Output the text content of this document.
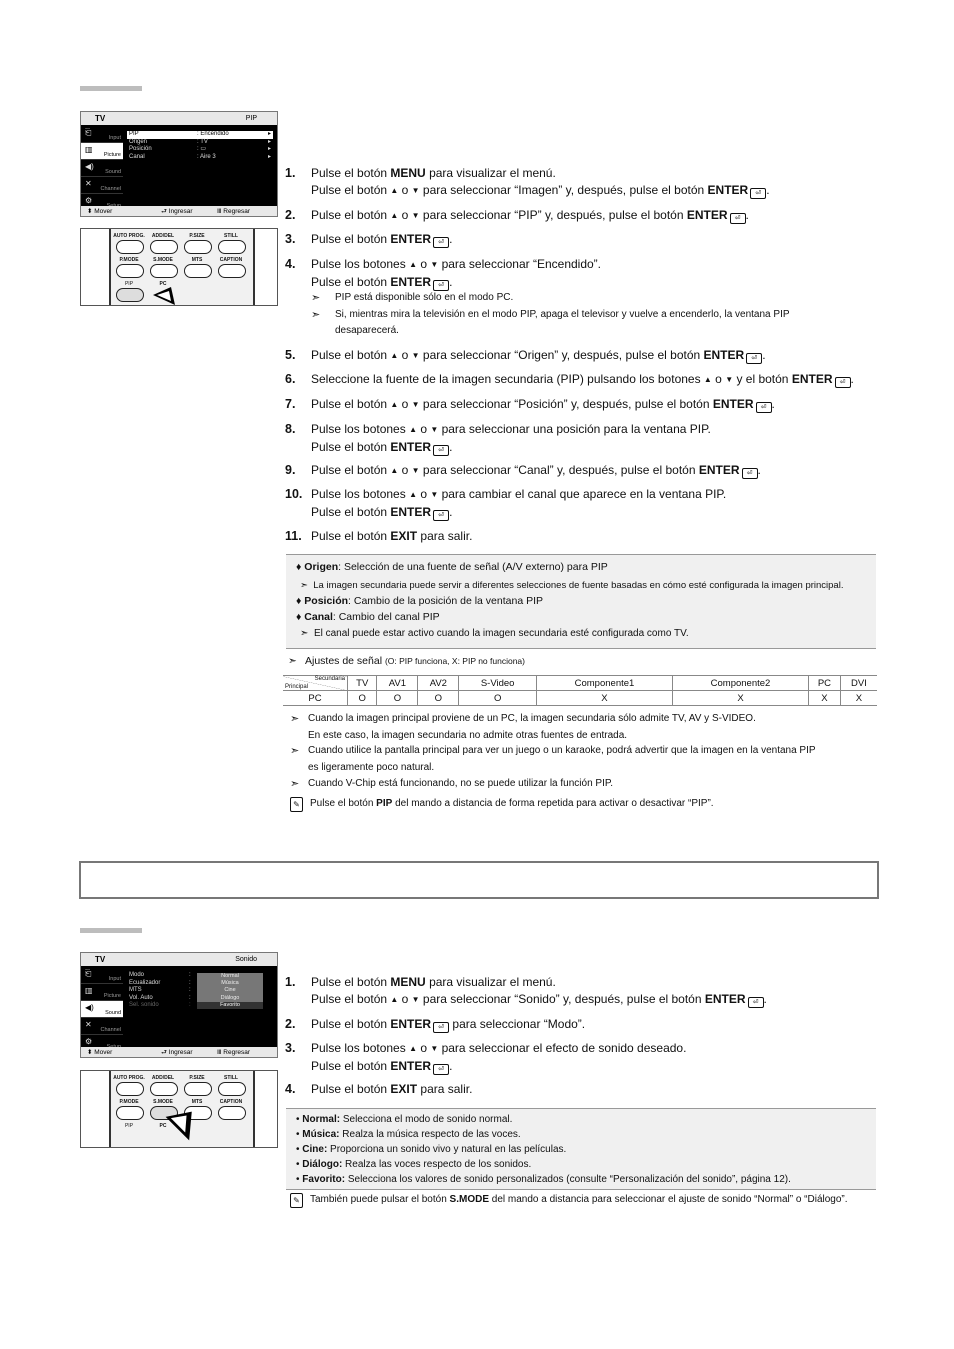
TV	PIP
⎗
Input
▥
Picture
◀)
Sound
✕
Channel
⚙
PIP	: Encendido	▸
Origen	: TV	▸
Posición	: ▭	▸
Canal	: Aire 3	▸
⬍ Mover	⮐ Ingresar	Ⅲ Regresar
AUTO PROG.	ADD/DEL	P.SIZE	STILL
P.MODE	S.MODE	MTS	CAPTION
PIP	PC
1. Pulse el botón MENU para visualizar el menú.
Pulse el botón ▲ o ▼ para seleccionar “Imagen” y, después, pulse el botón ENTER ⏎ .
2. Pulse el botón ▲ o ▼ para seleccionar “PIP” y, después, pulse el botón ENTER ⏎ .
3. Pulse el botón ENTER ⏎ .
4. Pulse los botones ▲ o ▼ para seleccionar “Encendido”.
Pulse el botón ENTER ⏎ .
5. Pulse el botón ▲ o ▼ para seleccionar “Origen” y, después, pulse el botón ENTER ⏎ .
6. Seleccione la fuente de la imagen secundaria (PIP) pulsando los botones ▲ o ▼ y el botón ENTER ⏎ .
7. Pulse el botón ▲ o ▼ para seleccionar “Posición” y, después, pulse el botón ENTER ⏎ .
8. Pulse los botones ▲ o ▼ para seleccionar una posición para la ventana PIP.
Pulse el botón ENTER ⏎ .
9. Pulse el botón ▲ o ▼ para seleccionar “Canal” y, después, pulse el botón ENTER ⏎ .
10. Pulse los botones ▲ o ▼ para cambiar el canal que aparece en la ventana PIP.
Pulse el botón ENTER ⏎ .
11. Pulse el botón EXIT para salir.
➣ PIP está disponible sólo en el modo PC.
➣ Si, mientras mira la televisión en el modo PIP, apaga el televisor y vuelve a encenderlo, la ventana PIP
desaparecerá.
♦ Origen: Selección de una fuente de señal (A/V externo) para PIP
➣  La imagen secundaria puede servir a diferentes selecciones de fuente basadas en cómo esté configurada la imagen principal.
♦ Posición: Cambio de la posición de la ventana PIP
♦ Canal: Cambio del canal PIP
➣  El canal puede estar activo cuando la imagen secundaria esté configurada como TV.
➣   Ajustes de señal (O: PIP funciona, X: PIP no funciona)
Secundaria
Principal	TV	AV1	AV2	S-Video	Componente1	Componente2	PC	DVI
PC	O	O	O	O	X	X	X	X
➣ Cuando la imagen principal proviene de un PC, la imagen secundaria sólo admite TV, AV y S-VIDEO.
En este caso, la imagen secundaria no admite otras fuentes de entrada.
➣ Cuando utilice la pantalla principal para ver un juego o un karaoke, podrá advertir que la imagen en la ventana PIP
es ligeramente poco natural.
➣ Cuando V-Chip está funcionando, no se puede utilizar la función PIP.
✎	Pulse el botón PIP del mando a distancia de forma repetida para activar o desactivar “PIP”.
TV	Sonido
⎗
Input
▥
Picture
◀)
Sound
✕
Channel
⚙
Modo	:
Ecualizador	:
MTS	:
Vol. Auto	:
Sel. sonido	:
Normal
Música
Cine
Diálogo
Favorito
⬍ Mover	⮐ Ingresar	Ⅲ Regresar
AUTO PROG.	ADD/DEL	P.SIZE	STILL
P.MODE	S.MODE	MTS	CAPTION
PIP	PC
1. Pulse el botón MENU para visualizar el menú.
Pulse el botón ▲ o ▼ para seleccionar “Sonido” y, después, pulse el botón ENTER ⏎ .
2. Pulse el botón ENTER ⏎ para seleccionar “Modo”.
3. Pulse los botones ▲ o ▼ para seleccionar el efecto de sonido deseado.
Pulse el botón ENTER ⏎ .
4. Pulse el botón EXIT para salir.
• Normal: Selecciona el modo de sonido normal.
• Música: Realza la música respecto de las voces.
• Cine: Proporciona un sonido vivo y natural en las películas.
• Diálogo: Realza las voces respecto de los sonidos.
• Favorito: Selecciona los valores de sonido personalizados (consulte “Personalización del sonido”, página 12).
✎	También puede pulsar el botón S.MODE del mando a distancia para seleccionar el ajuste de sonido “Normal” o “Diálogo”.
